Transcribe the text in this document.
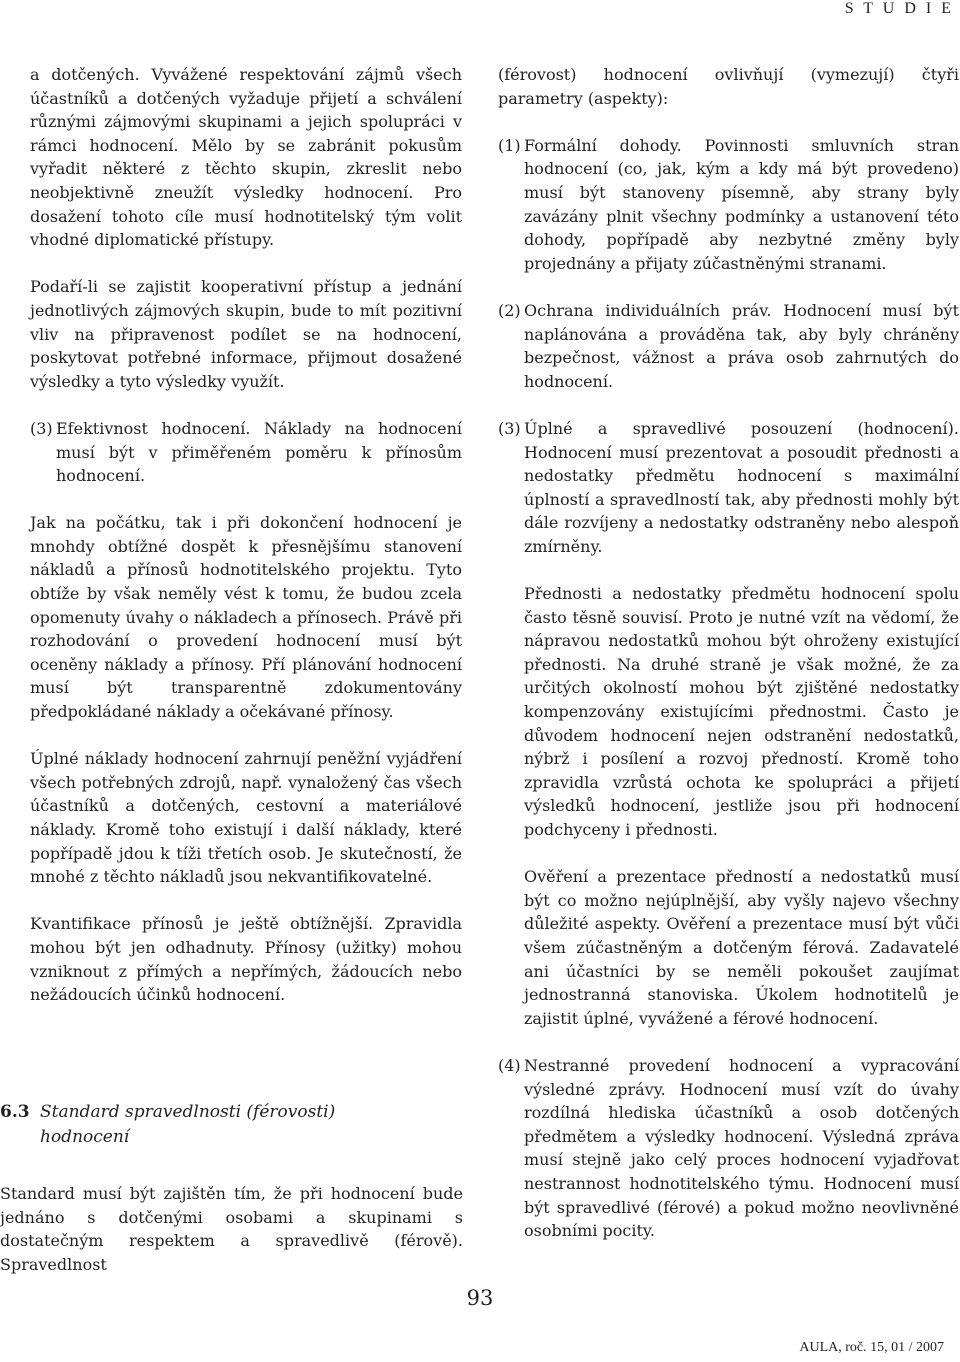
S T U D I E

a dotčených. Vyvážené respektování zájmů všech účastníků a dotčených vyžaduje přijetí a schválení různými zájmovými skupinami a jejich spolupráci v rámci hodnocení. Mělo by se zabránit pokusům vyřadit některé z těchto skupin, zkreslit nebo neobjektivně zneužít výsledky hodnocení. Pro dosažení tohoto cíle musí hodnotitelský tým volit vhodné diplomatické přístupy.

Podaří-li se zajistit kooperativní přístup a jednání jednotlivých zájmových skupin, bude to mít pozitivní vliv na připravenost podílet se na hodnocení, poskytovat potřebné informace, přijmout dosažené výsledky a tyto výsledky využít.

(3) Efektivnost hodnocení. Náklady na hodnocení musí být v přiměřeném poměru k přínosům hodnocení.

Jak na počátku, tak i při dokončení hodnocení je mnohdy obtížné dospět k přesnějšímu stanovení nákladů a přínosů hodnotitelského projektu. Tyto obtíže by však neměly vést k tomu, že budou zcela opomenuty úvahy o nákladech a přínosech. Právě při rozhodování o provedení hodnocení musí být oceněny náklady a přínosy. Pří plánování hodnocení musí být transparentně zdokumentovány předpokládané náklady a očekávané přínosy.

Úplné náklady hodnocení zahrnují peněžní vyjádření všech potřebných zdrojů, např. vynaložený čas všech účastníků a dotčených, cestovní a materiálové náklady. Kromě toho existují i další náklady, které popřípadě jdou k tíži třetích osob. Je skutečností, že mnohé z těchto nákladů jsou nekvantifikovatelné.

Kvantifikace přínosů je ještě obtížnější. Zpravidla mohou být jen odhadnuty. Přínosy (užitky) mohou vzniknout z přímých a nepřímých, žádoucích nebo nežádoucích účinků hodnocení.

6.3 Standard spravedlnosti (férovosti) hodnocení
Standard musí být zajištěn tím, že při hodnocení bude jednáno s dotčenými osobami a skupinami s dostatečným respektem a spravedlivě (férově). Spravedlnost

(férovost) hodnocení ovlivňují (vymezují) čtyři parametry (aspekty):

(1) Formální dohody. Povinnosti smluvních stran hodnocení (co, jak, kým a kdy má být provedeno) musí být stanoveny písemně, aby strany byly zavázány plnit všechny podmínky a ustanovení této dohody, popřípadě aby nezbytné změny byly projednány a přijaty zúčastněnými stranami.
(2) Ochrana individuálních práv. Hodnocení musí být naplánována a prováděna tak, aby byly chráněny bezpečnost, vážnost a práva osob zahrnutých do hodnocení.
(3) Úplné a spravedlivé posouzení (hodnocení). Hodnocení musí prezentovat a posoudit přednosti a nedostatky předmětu hodnocení s maximální úplností a spravedlností tak, aby přednosti mohly být dále rozvíjeny a nedostatky odstraněny nebo alespoň zmírněny.

Přednosti a nedostatky předmětu hodnocení spolu často těsně souvisí. Proto je nutné vzít na vědomí, že nápravou nedostatků mohou být ohroženy existující přednosti. Na druhé straně je však možné, že za určitých okolností mohou být zjištěné nedostatky kompenzovány existujícími přednostmi. Často je důvodem hodnocení nejen odstranění nedostatků, nýbrž i posílení a rozvoj předností. Kromě toho zpravidla vzrůstá ochota ke spolupráci a přijetí výsledků hodnocení, jestliže jsou při hodnocení podchyceny i přednosti.

Ověření a prezentace předností a nedostatků musí být co možno nejúplnější, aby vyšly najevo všechny důležité aspekty. Ověření a prezentace musí být vůči všem zúčastněným a dotčeným férová. Zadavatelé ani účastníci by se neměli pokoušet zaujímat jednostranná stanoviska. Úkolem hodnotitelů je zajistit úplné, vyvážené a férové hodnocení.

(4) Nestranné provedení hodnocení a vypracování výsledné zprávy. Hodnocení musí vzít do úvahy rozdílná hlediska účastníků a osob dotčených předmětem a výsledky hodnocení. Výsledná zpráva musí stejně jako celý proces hodnocení vyjadřovat nestrannost hodnotitelského týmu. Hodnocení musí být spravedlivé (férové) a pokud možno neovlivněné osobními pocity.
93
AULA, roč. 15, 01 / 2007
